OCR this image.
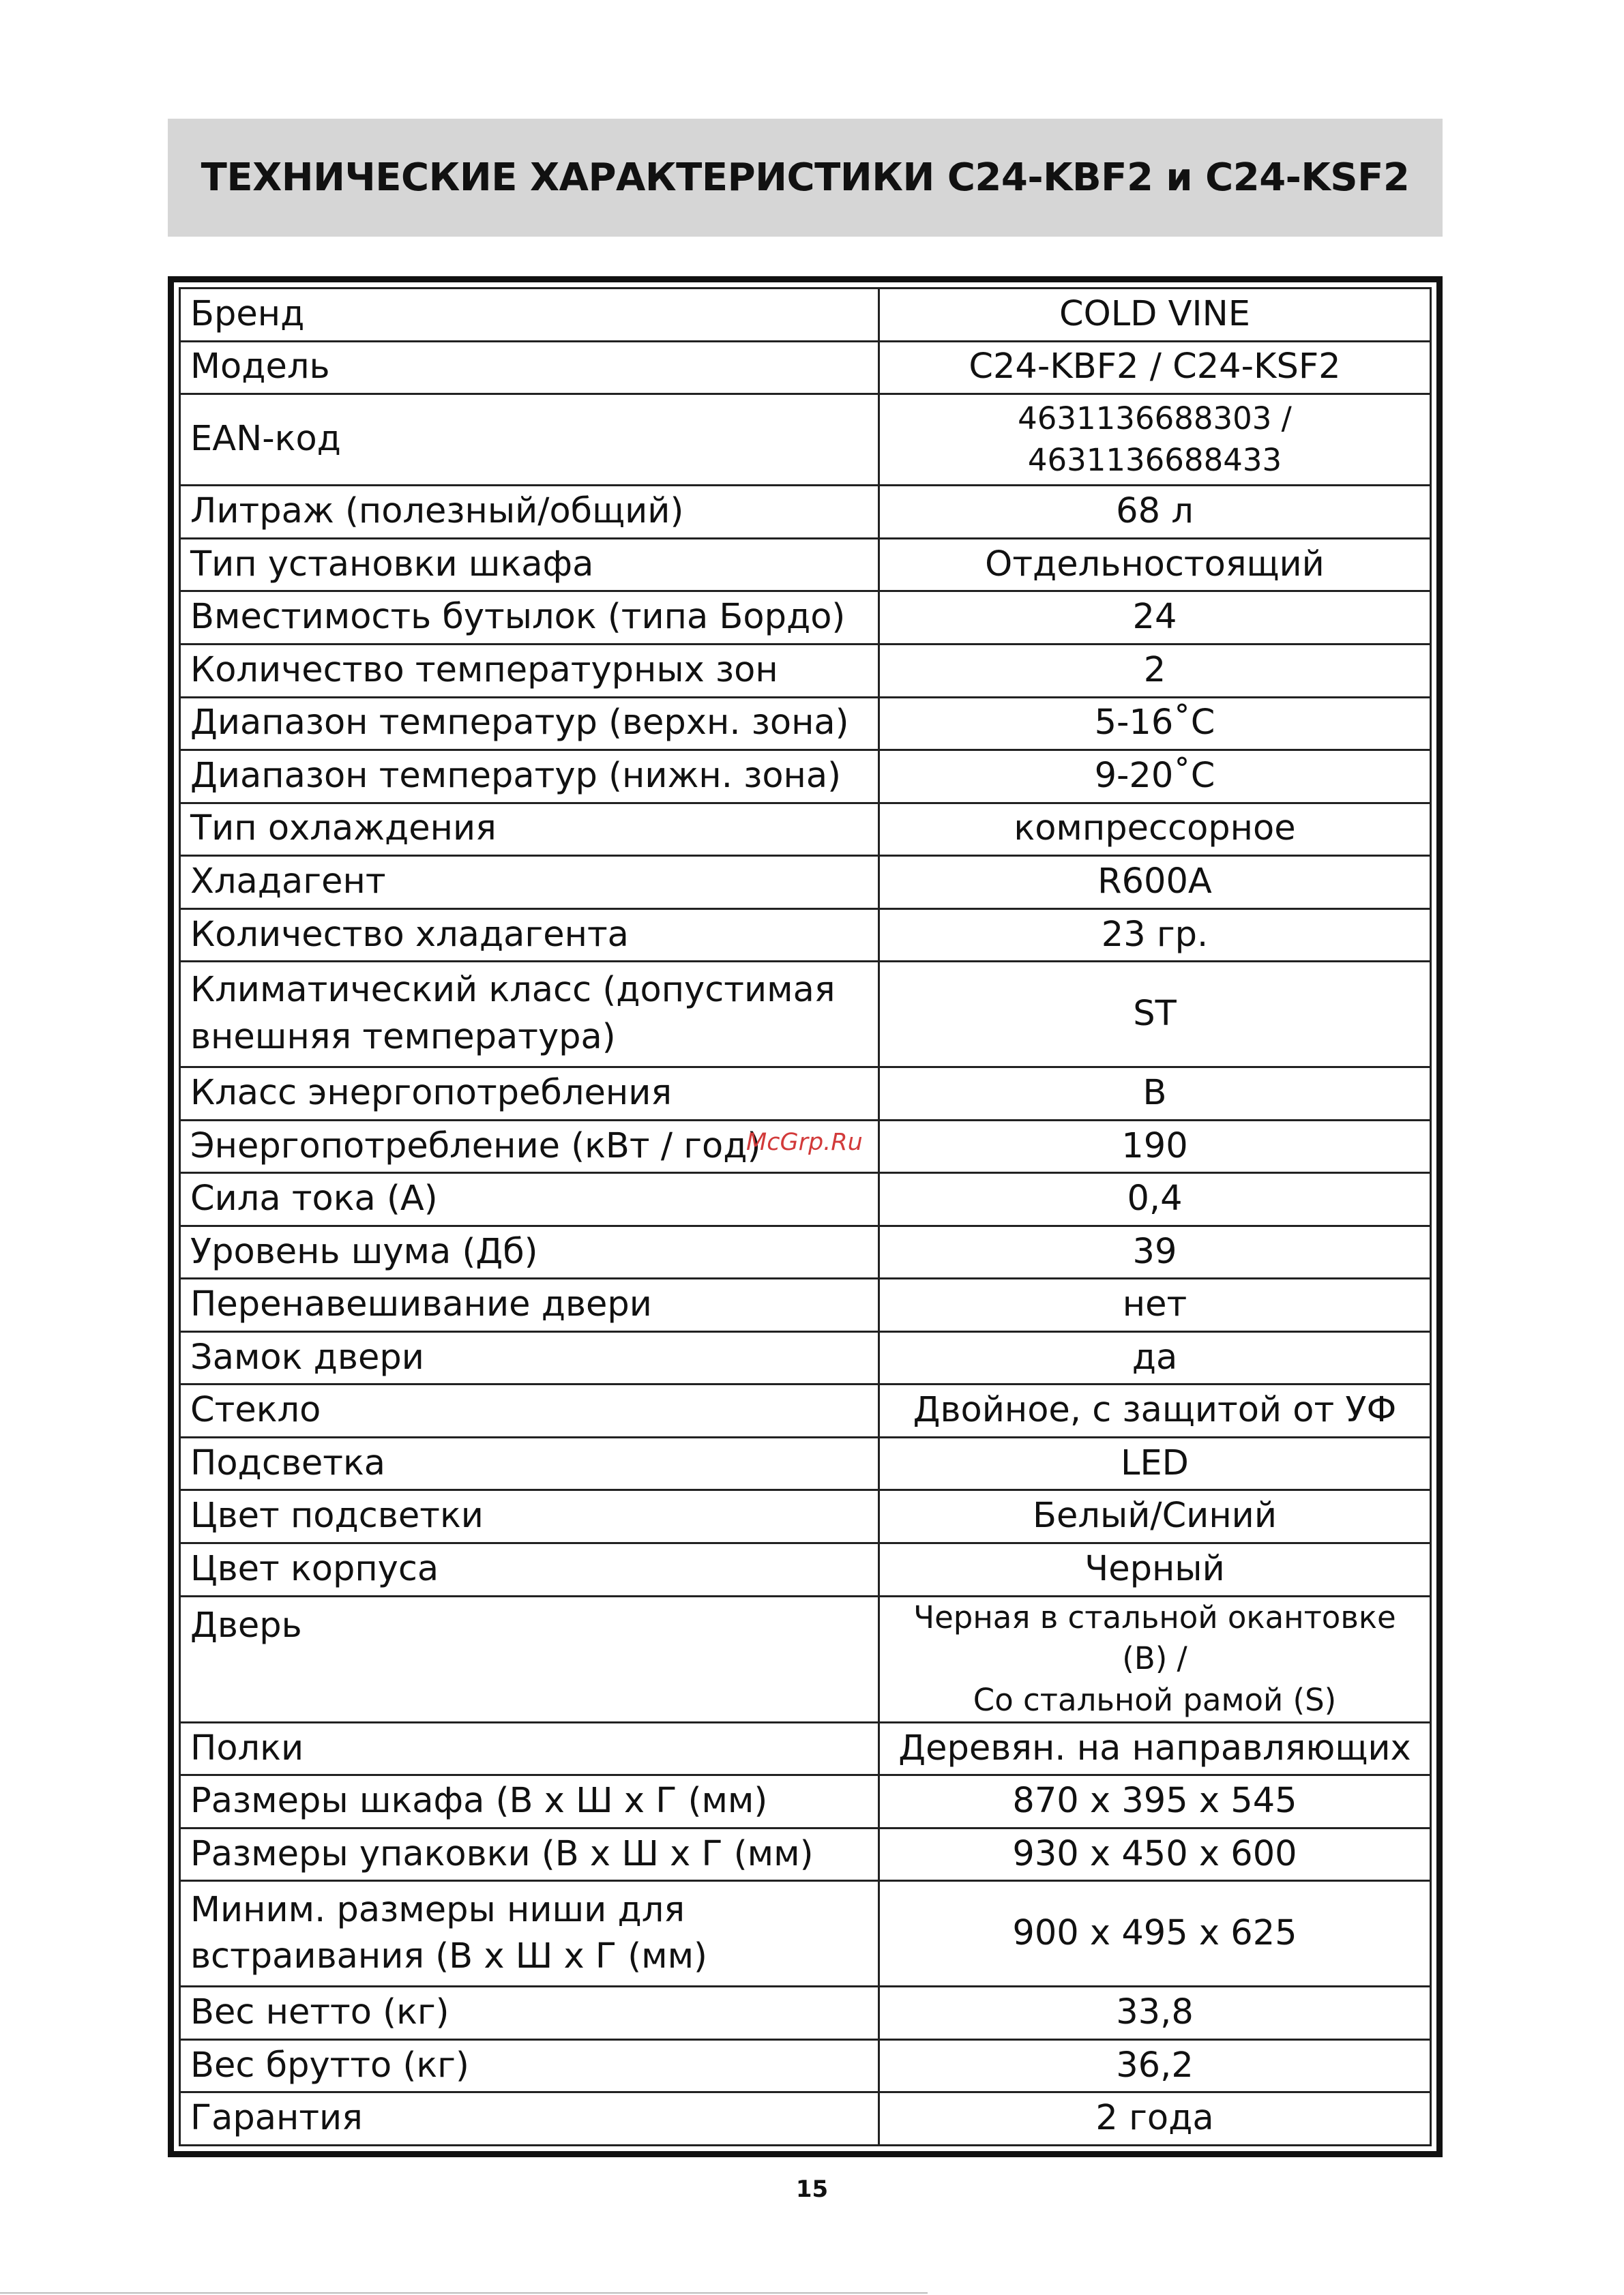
ТЕХНИЧЕСКИЕ ХАРАКТЕРИСТИКИ C24-KBF2 и C24-KSF2
Бренд	COLD VINE
Модель	C24-KBF2 / C24-KSF2
EAN-код	4631136688303 / 4631136688433
Литраж (полезный/общий)	68 л
Тип установки шкафа	Отдельностоящий
Вместимость бутылок (типа Бордо)	24
Количество температурных зон	2
Диапазон температур (верхн. зона)	5-16˚С
Диапазон температур (нижн. зона)	9-20˚С
Тип охлаждения	компрессорное
Хладагент	R600A
Количество хладагента	23 гр.
Климатический класс (допустимая
внешняя температура)	ST
Класс энергопотребления	B
Энергопотребление (кВт / год)	190
Сила тока (А)	0,4
Уровень шума (Дб)	39
Перенавешивание двери	нет
Замок двери	да
Стекло	Двойное, с защитой от УФ
Подсветка	LED
Цвет подсветки	Белый/Синий
Цвет корпуса	Черный
Дверь	Черная в стальной окантовке (B) /
Со стальной рамой (S)
Полки	Деревян. на направляющих
Размеры шкафа (В х Ш х Г (мм)	870 х 395 х 545
Размеры упаковки (В х Ш х Г (мм)	930 х 450 х 600
Миним. размеры ниши для
встраивания (В х Ш х Г (мм)	900 х 495 х 625
Вес нетто (кг)	33,8
Вес брутто (кг)	36,2
Гарантия	2 года
McGrp.Ru
15
